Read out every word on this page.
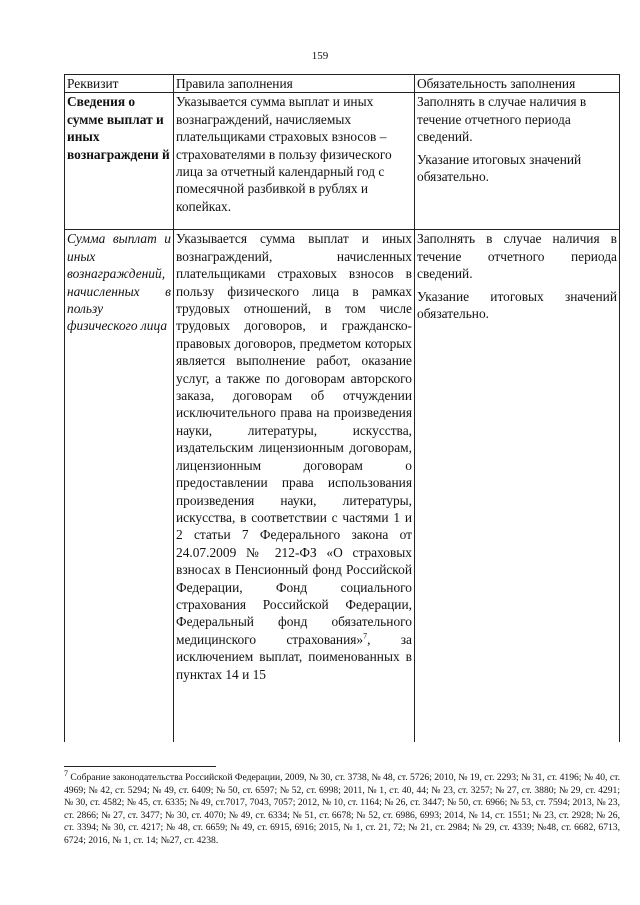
159
Реквизит	Правила заполнения	Обязательность заполнения
Сведения о сумме выплат и иных вознаграждени й	Указывается сумма выплат и иных вознаграждений, начисляемых плательщиками страховых взносов – страхователями в пользу физического лица за отчетный календарный год с помесячной разбивкой в рублях и копейках.	Заполнять в случае наличия в течение отчетного периода сведений.

Указание итоговых значений обязательно.

Сумма выплат и иных вознаграждений, начисленных в пользу физического лица	Указывается сумма выплат и иных вознаграждений, начисленных плательщиками страховых взносов в пользу физического лица в рамках трудовых отношений, в том числе трудовых договоров, и гражданско-правовых договоров, предметом которых является выполнение работ, оказание услуг, а также по договорам авторского заказа, договорам об отчуждении исключительного права на произведения науки, литературы, искусства, издательским лицензионным договорам, лицензионным договорам о предоставлении права использования произведения науки, литературы, искусства, в соответствии с частями 1 и 2 статьи 7 Федерального закона от 24.07.2009 № 212-ФЗ «О страховых взносах в Пенсионный фонд Российской Федерации, Фонд социального страхования Российской Федерации, Федеральный фонд обязательного медицинского страхования»$^7$, за исключением выплат, поименованных в пунктах 14 и 15	Заполнять в случае наличия в течение отчетного периода сведений.

Указание итоговых значений обязательно.

$^7$ Собрание законодательства Российской Федерации, 2009, № 30, ст. 3738, № 48, ст. 5726; 2010, № 19, ст. 2293; № 31, ст. 4196; № 40, ст. 4969; № 42, ст. 5294; № 49, ст. 6409; № 50, ст. 6597; № 52, ст. 6998; 2011, № 1, ст. 40, 44; № 23, ст. 3257; № 27, ст. 3880; № 29, ст. 4291; № 30, ст. 4582; № 45, ст. 6335; № 49, ст.7017, 7043, 7057; 2012, № 10, ст. 1164; № 26, ст. 3447; № 50, ст. 6966; № 53, ст. 7594; 2013, № 23, ст. 2866; № 27, ст. 3477; № 30, ст. 4070; № 49, ст. 6334; № 51, ст. 6678; № 52, ст. 6986, 6993; 2014, № 14, ст. 1551; № 23, ст. 2928; № 26, ст. 3394; № 30, ст. 4217; № 48, ст. 6659; № 49, ст. 6915, 6916; 2015, № 1, ст. 21, 72; № 21, ст. 2984; № 29, ст. 4339; №48, ст. 6682, 6713, 6724; 2016, № 1, ст. 14; №27, ст. 4238.
